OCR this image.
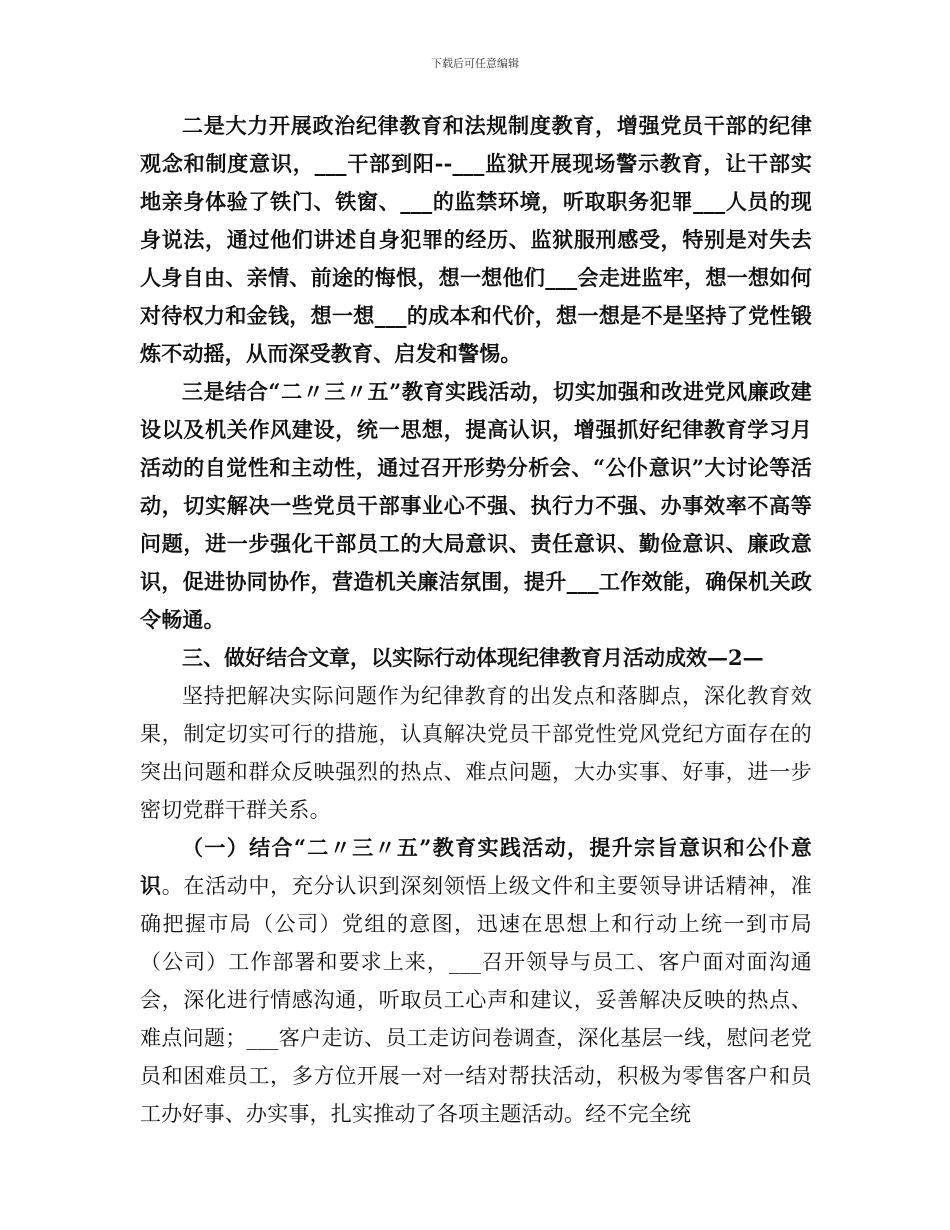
下载后可任意编辑

二是大力开展政治纪律教育和法规制度教育，增强党员干部的纪律观念和制度意识，___干部到阳--___监狱开展现场警示教育，让干部实地亲身体验了铁门、铁窗、___的监禁环境，听取职务犯罪___人员的现身说法，通过他们讲述自身犯罪的经历、监狱服刑感受，特别是对失去人身自由、亲情、前途的悔恨，想一想他们___会走进监牢，想一想如何对待权力和金钱，想一想___的成本和代价，想一想是不是坚持了党性锻炼不动摇，从而深受教育、启发和警惕。

三是结合“二〃三〃五”教育实践活动，切实加强和改进党风廉政建设以及机关作风建设，统一思想，提高认识，增强抓好纪律教育学习月活动的自觉性和主动性，通过召开形势分析会、“公仆意识”大讨论等活动，切实解决一些党员干部事业心不强、执行力不强、办事效率不高等问题，进一步强化干部员工的大局意识、责任意识、勤俭意识、廉政意识，促进协同协作，营造机关廉洁氛围，提升___工作效能，确保机关政令畅通。

三、做好结合文章，以实际行动体现纪律教育月活动成效—2—

坚持把解决实际问题作为纪律教育的出发点和落脚点，深化教育效果，制定切实可行的措施，认真解决党员干部党性党风党纪方面存在的突出问题和群众反映强烈的热点、难点问题，大办实事、好事，进一步密切党群干群关系。

（一）结合“二〃三〃五”教育实践活动，提升宗旨意识和公仆意识。在活动中，充分认识到深刻领悟上级文件和主要领导讲话精神，准确把握市局（公司）党组的意图，迅速在思想上和行动上统一到市局（公司）工作部署和要求上来，___召开领导与员工、客户面对面沟通会，深化进行情感沟通，听取员工心声和建议，妥善解决反映的热点、难点问题；___客户走访、员工走访问卷调查，深化基层一线，慰问老党员和困难员工，多方位开展一对一结对帮扶活动，积极为零售客户和员工办好事、办实事，扎实推动了各项主题活动。经不完全统
